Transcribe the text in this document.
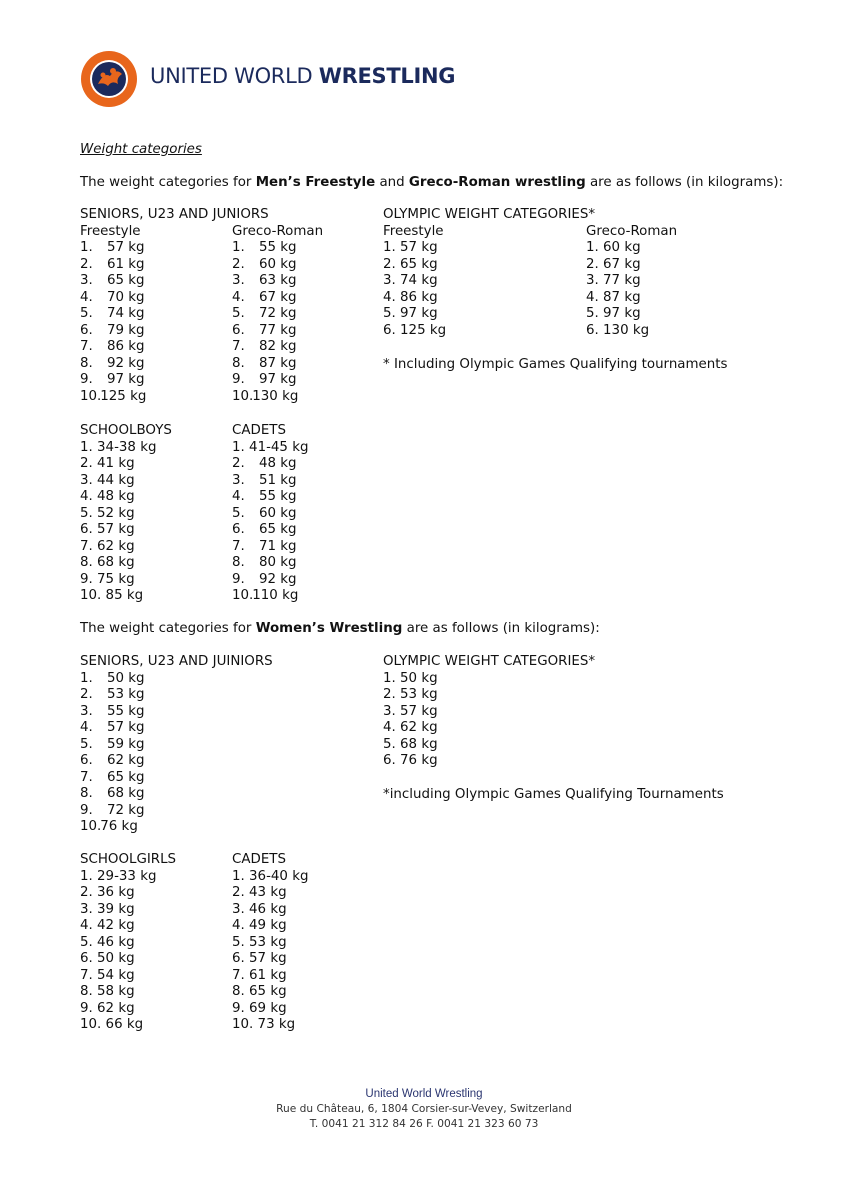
UNITED WORLD WRESTLING
Weight categories
The weight categories for Men’s Freestyle and Greco-Roman wrestling are as follows (in kilograms):
SENIORS, U23 AND JUNIORS
Freestyle
1. 57 kg
2. 61 kg
3. 65 kg
4. 70 kg
5. 74 kg
6. 79 kg
7. 86 kg
8. 92 kg
9. 97 kg
10. 125 kg
Greco-Roman
1. 55 kg
2. 60 kg
3. 63 kg
4. 67 kg
5. 72 kg
6. 77 kg
7. 82 kg
8. 87 kg
9. 97 kg
10. 130 kg
OLYMPIC WEIGHT CATEGORIES*
Freestyle
1. 57 kg
2. 65 kg
3. 74 kg
4. 86 kg
5. 97 kg
6. 125 kg
* Including Olympic Games Qualifying tournaments
Greco-Roman
1. 60 kg
2. 67 kg
3. 77 kg
4. 87 kg
5. 97 kg
6. 130 kg
SCHOOLBOYS
1. 34-38 kg
2. 41 kg
3. 44 kg
4. 48 kg
5. 52 kg
6. 57 kg
7. 62 kg
8. 68 kg
9. 75 kg
10. 85 kg
CADETS
1. 41-45 kg
2. 48 kg
3. 51 kg
4. 55 kg
5. 60 kg
6. 65 kg
7. 71 kg
8. 80 kg
9. 92 kg
10. 110 kg
The weight categories for Women’s Wrestling are as follows (in kilograms):
SENIORS, U23 AND JUINIORS
1. 50 kg
2. 53 kg
3. 55 kg
4. 57 kg
5. 59 kg
6. 62 kg
7. 65 kg
8. 68 kg
9. 72 kg
10. 76 kg
OLYMPIC WEIGHT CATEGORIES*
1. 50 kg
2. 53 kg
3. 57 kg
4. 62 kg
5. 68 kg
6. 76 kg
*including Olympic Games Qualifying Tournaments
SCHOOLGIRLS
1. 29-33 kg
2. 36 kg
3. 39 kg
4. 42 kg
5. 46 kg
6. 50 kg
7. 54 kg
8. 58 kg
9. 62 kg
10. 66 kg
CADETS
1. 36-40 kg
2. 43 kg
3. 46 kg
4. 49 kg
5. 53 kg
6. 57 kg
7. 61 kg
8. 65 kg
9. 69 kg
10. 73 kg
United World Wrestling
Rue du Château, 6, 1804 Corsier-sur-Vevey, Switzerland
T. 0041 21 312 84 26 F. 0041 21 323 60 73
